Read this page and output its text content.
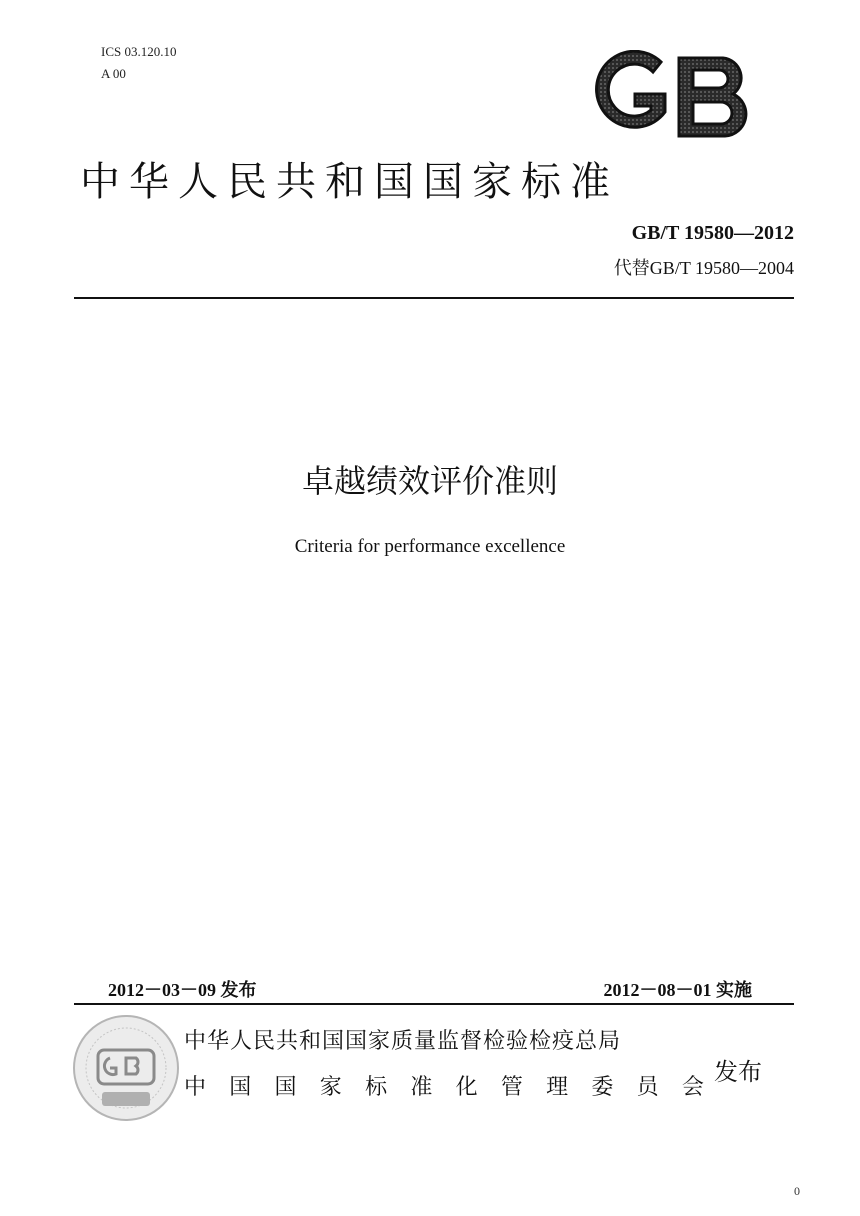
ICS 03.120.10
A 00
中华人民共和国国家标准
GB/T 19580—2012
代替GB/T 19580—2004
卓越绩效评价准则
Criteria for performance excellence
2012－03－09 发布	2012－08－01 实施
中华人民共和国国家质量监督检验检疫总局
中 国 国 家 标 准 化 管 理 委 员 会
发布
0
